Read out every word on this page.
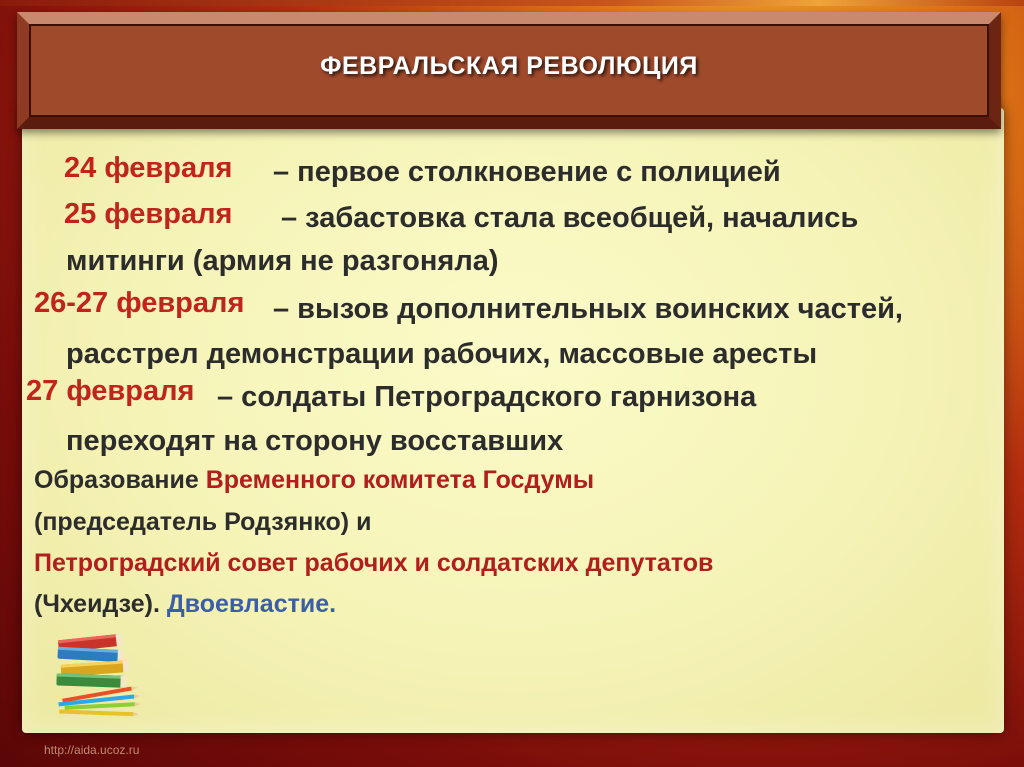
ФЕВРАЛЬСКАЯ РЕВОЛЮЦИЯ
24 февраля – первое столкновение с полицией
25 февраля – забастовка стала всеобщей, начались
митинги (армия не разгоняла)
26-27 февраля – вызов дополнительных воинских частей,
расстрел демонстрации рабочих, массовые аресты
27 февраля – солдаты Петроградского гарнизона
переходят на сторону восставших
Образование Временного комитета Госдумы
(председатель Родзянко) и
Петроградский совет рабочих и солдатских депутатов
(Чхеидзе). Двоевластие.
http://aida.ucoz.ru
